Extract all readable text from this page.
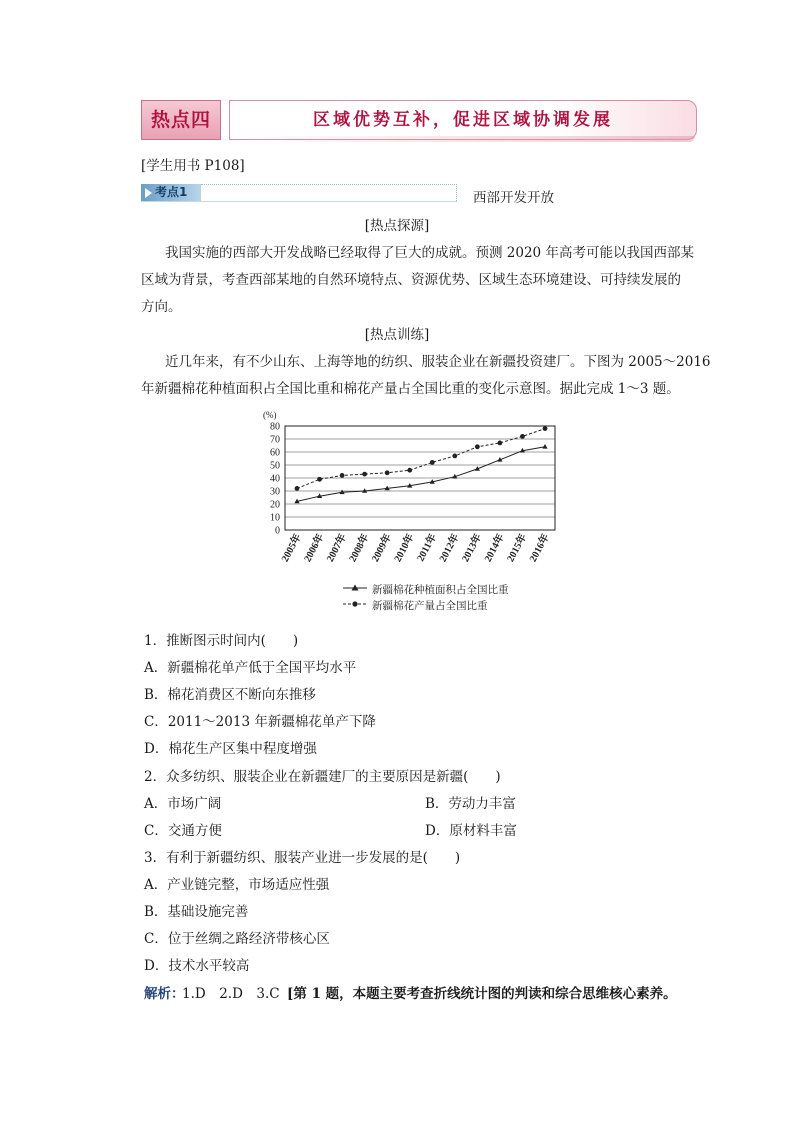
热点四	区域优势互补，促进区域协调发展
[学生用书 P108]
考点1	西部开发开放
[热点探源]
我国实施的西部大开发战略已经取得了巨大的成就。预测 2020 年高考可能以我国西部某
区域为背景，考查西部某地的自然环境特点、资源优势、区域生态环境建设、可持续发展的
方向。
[热点训练]
近几年来，有不少山东、上海等地的纺织、服装企业在新疆投资建厂。下图为 2005～2016
年新疆棉花种植面积占全国比重和棉花产量占全国比重的变化示意图。据此完成 1～3 题。
0
10
20
30
40
50
60
70
80
(%)
2005年
2006年
2007年
2008年
2009年
2010年 2011年
2012年
2013年
2014年
2015年
2016年
新疆棉花种植面积占全国比重
新疆棉花产量占全国比重
1．推断图示时间内(　　)
A．新疆棉花单产低于全国平均水平
B．棉花消费区不断向东推移
C．2011～2013 年新疆棉花单产下降
D．棉花生产区集中程度增强
2．众多纺织、服装企业在新疆建厂的主要原因是新疆(　　)
A．市场广阔	B．劳动力丰富
C．交通方便	D．原材料丰富
3．有利于新疆纺织、服装产业进一步发展的是(　　)
A．产业链完整，市场适应性强
B．基础设施完善
C．位于丝绸之路经济带核心区
D．技术水平较高
解析：
1.D　2.D　3.C [第 1 题，本题主要考查折线统计图的判读和综合思维核心素养。
